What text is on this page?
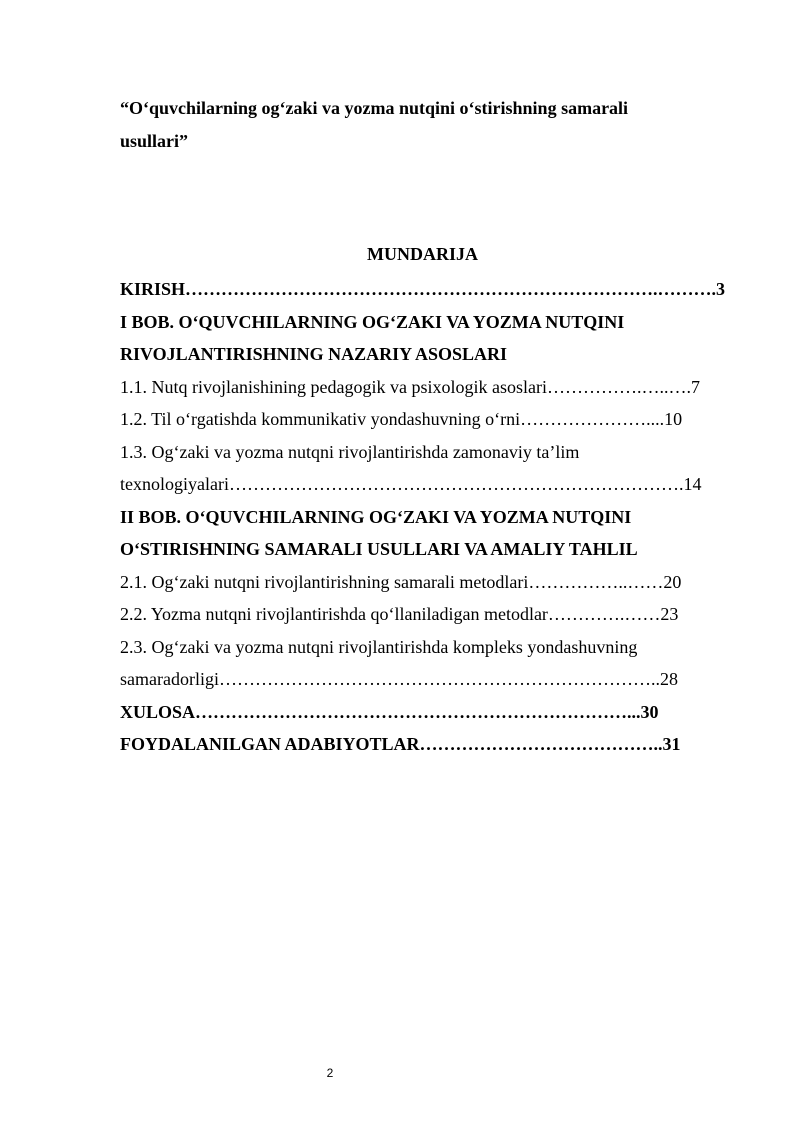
“O‘quvchilarning og‘zaki va yozma nutqini o‘stirishning samarali
usullari”
MUNDARIJA
KIRISH…………………………………………………………………….……….3
I BOB. O‘QUVCHILARNING OG‘ZAKI VA YOZMA NUTQINI
RIVOJLANTIRISHNING NAZARIY ASOSLARI
1.1. Nutq rivojlanishining pedagogik va psixologik asoslari…………….…..….7
1.2. Til o‘rgatishda kommunikativ yondashuvning o‘rni…………………....10
1.3. Og‘zaki va yozma nutqni rivojlantirishda zamonaviy ta’lim
texnologiyalari………………………………………………………………….14
II BOB. O‘QUVCHILARNING OG‘ZAKI VA YOZMA NUTQINI
O‘STIRISHNING SAMARALI USULLARI VA AMALIY TAHLIL
2.1. Og‘zaki nutqni rivojlantirishning samarali metodlari……………..……20
2.2. Yozma nutqni rivojlantirishda qo‘llaniladigan metodlar………….……23
2.3. Og‘zaki va yozma nutqni rivojlantirishda kompleks yondashuvning
samaradorligi………………………………………………………………..28
XULOSA………………………………………………………………...30
FOYDALANILGAN ADABIYOTLAR…………………………………..31
2
